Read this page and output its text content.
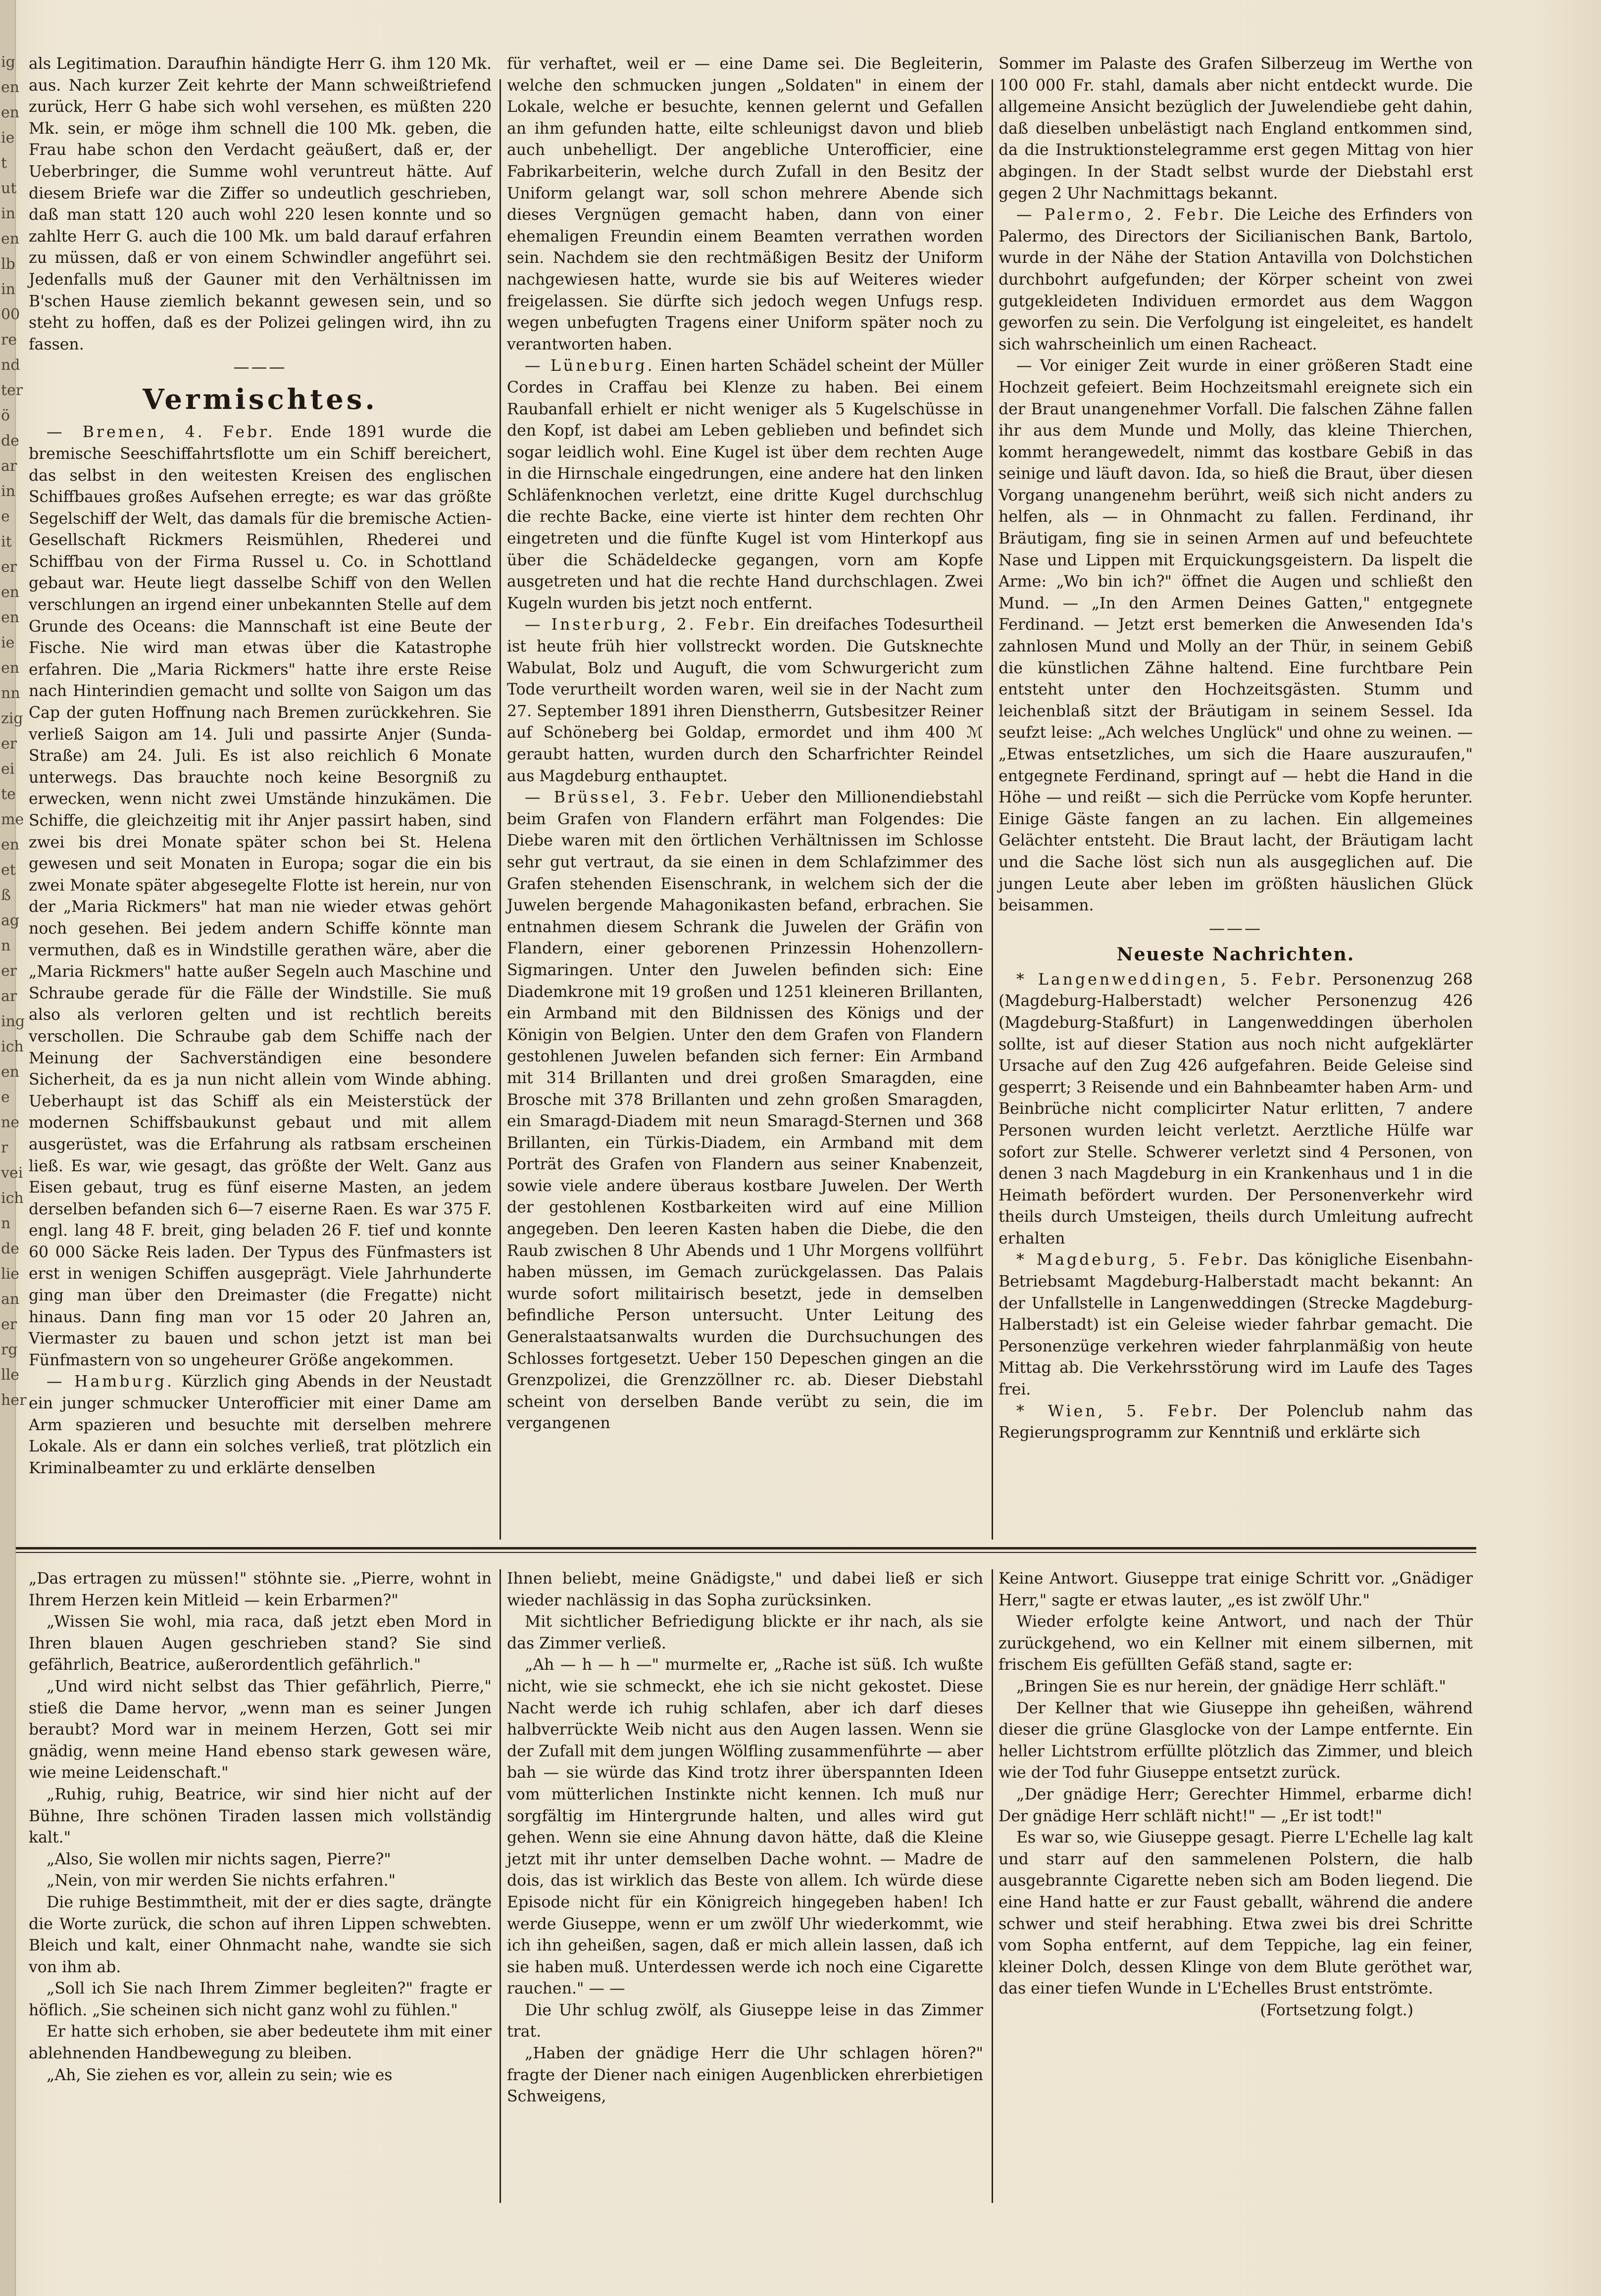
ig
en
en
ie
t
ut
in
en
lb
in
00
re
nd
ter
ö
de
ar
in
e
it
er
en
en
ie
en
nn
zig
er
ei
te
me
en
et
ß
ag
n
er
ar
ing
ich
en
e
ne
r
vei
ich
n
de
lie
an
er
rg
lle
her

als Legitimation. Daraufhin händigte Herr G. ihm 120 Mk. aus. Nach kurzer Zeit kehrte der Mann schweißtriefend zurück, Herr G habe sich wohl versehen, es müßten 220 Mk. sein, er möge ihm schnell die 100 Mk. geben, die Frau habe schon den Verdacht geäußert, daß er, der Ueberbringer, die Summe wohl veruntreut hätte. Auf diesem Briefe war die Ziffer so undeutlich geschrieben, daß man statt 120 auch wohl 220 lesen konnte und so zahlte Herr G. auch die 100 Mk. um bald darauf erfahren zu müssen, daß er von einem Schwindler angeführt sei. Jedenfalls muß der Gauner mit den Verhältnissen im B'schen Hause ziemlich bekannt gewesen sein, und so steht zu hoffen, daß es der Polizei gelingen wird, ihn zu fassen.

———
Vermischtes.

— Bremen, 4. Febr. Ende 1891 wurde die bremische Seeschiffahrtsflotte um ein Schiff bereichert, das selbst in den weitesten Kreisen des englischen Schiffbaues großes Aufsehen erregte; es war das größte Segelschiff der Welt, das damals für die bremische Actien-Gesellschaft Rickmers Reismühlen, Rhederei und Schiffbau von der Firma Russel u. Co. in Schottland gebaut war. Heute liegt dasselbe Schiff von den Wellen verschlungen an irgend einer unbekannten Stelle auf dem Grunde des Oceans: die Mannschaft ist eine Beute der Fische. Nie wird man etwas über die Katastrophe erfahren. Die „Maria Rickmers" hatte ihre erste Reise nach Hinterindien gemacht und sollte von Saigon um das Cap der guten Hoffnung nach Bremen zurückkehren. Sie verließ Saigon am 14. Juli und passirte Anjer (Sunda-Straße) am 24. Juli. Es ist also reichlich 6 Monate unterwegs. Das brauchte noch keine Besorgniß zu erwecken, wenn nicht zwei Umstände hinzukämen. Die Schiffe, die gleichzeitig mit ihr Anjer passirt haben, sind zwei bis drei Monate später schon bei St. Helena gewesen und seit Monaten in Europa; sogar die ein bis zwei Monate später abgesegelte Flotte ist herein, nur von der „Maria Rickmers" hat man nie wieder etwas gehört noch gesehen. Bei jedem andern Schiffe könnte man vermuthen, daß es in Windstille gerathen wäre, aber die „Maria Rickmers" hatte außer Segeln auch Maschine und Schraube gerade für die Fälle der Windstille. Sie muß also als verloren gelten und ist rechtlich bereits verschollen. Die Schraube gab dem Schiffe nach der Meinung der Sachverständigen eine besondere Sicherheit, da es ja nun nicht allein vom Winde abhing. Ueberhaupt ist das Schiff als ein Meisterstück der modernen Schiffsbaukunst gebaut und mit allem ausgerüstet, was die Erfahrung als ratbsam erscheinen ließ. Es war, wie gesagt, das größte der Welt. Ganz aus Eisen gebaut, trug es fünf eiserne Masten, an jedem derselben befanden sich 6—7 eiserne Raen. Es war 375 F. engl. lang 48 F. breit, ging beladen 26 F. tief und konnte 60 000 Säcke Reis laden. Der Typus des Fünfmasters ist erst in wenigen Schiffen ausgeprägt. Viele Jahrhunderte ging man über den Dreimaster (die Fregatte) nicht hinaus. Dann fing man vor 15 oder 20 Jahren an, Viermaster zu bauen und schon jetzt ist man bei Fünfmastern von so ungeheurer Größe angekommen.

— Hamburg. Kürzlich ging Abends in der Neustadt ein junger schmucker Unterofficier mit einer Dame am Arm spazieren und besuchte mit derselben mehrere Lokale. Als er dann ein solches verließ, trat plötzlich ein Kriminalbeamter zu und erklärte denselben

für verhaftet, weil er — eine Dame sei. Die Begleiterin, welche den schmucken jungen „Soldaten" in einem der Lokale, welche er besuchte, kennen gelernt und Gefallen an ihm gefunden hatte, eilte schleunigst davon und blieb auch unbehelligt. Der angebliche Unterofficier, eine Fabrikarbeiterin, welche durch Zufall in den Besitz der Uniform gelangt war, soll schon mehrere Abende sich dieses Vergnügen gemacht haben, dann von einer ehemaligen Freundin einem Beamten verrathen worden sein. Nachdem sie den rechtmäßigen Besitz der Uniform nachgewiesen hatte, wurde sie bis auf Weiteres wieder freigelassen. Sie dürfte sich jedoch wegen Unfugs resp. wegen unbefugten Tragens einer Uniform später noch zu verantworten haben.

— Lüneburg. Einen harten Schädel scheint der Müller Cordes in Craffau bei Klenze zu haben. Bei einem Raubanfall erhielt er nicht weniger als 5 Kugelschüsse in den Kopf, ist dabei am Leben geblieben und befindet sich sogar leidlich wohl. Eine Kugel ist über dem rechten Auge in die Hirnschale eingedrungen, eine andere hat den linken Schläfenknochen verletzt, eine dritte Kugel durchschlug die rechte Backe, eine vierte ist hinter dem rechten Ohr eingetreten und die fünfte Kugel ist vom Hinterkopf aus über die Schädeldecke gegangen, vorn am Kopfe ausgetreten und hat die rechte Hand durchschlagen. Zwei Kugeln wurden bis jetzt noch entfernt.

— Insterburg, 2. Febr. Ein dreifaches Todesurtheil ist heute früh hier vollstreckt worden. Die Gutsknechte Wabulat, Bolz und Auguft, die vom Schwurgericht zum Tode verurtheilt worden waren, weil sie in der Nacht zum 27. September 1891 ihren Dienstherrn, Gutsbesitzer Reiner auf Schöneberg bei Goldap, ermordet und ihm 400 ℳ geraubt hatten, wurden durch den Scharfrichter Reindel aus Magdeburg enthauptet.

— Brüssel, 3. Febr. Ueber den Millionendiebstahl beim Grafen von Flandern erfährt man Folgendes: Die Diebe waren mit den örtlichen Verhältnissen im Schlosse sehr gut vertraut, da sie einen in dem Schlafzimmer des Grafen stehenden Eisenschrank, in welchem sich der die Juwelen bergende Mahagonikasten befand, erbrachen. Sie entnahmen diesem Schrank die Juwelen der Gräfin von Flandern, einer geborenen Prinzessin Hohenzollern-Sigmaringen. Unter den Juwelen befinden sich: Eine Diademkrone mit 19 großen und 1251 kleineren Brillanten, ein Armband mit den Bildnissen des Königs und der Königin von Belgien. Unter den dem Grafen von Flandern gestohlenen Juwelen befanden sich ferner: Ein Armband mit 314 Brillanten und drei großen Smaragden, eine Brosche mit 378 Brillanten und zehn großen Smaragden, ein Smaragd-Diadem mit neun Smaragd-Sternen und 368 Brillanten, ein Türkis-Diadem, ein Armband mit dem Porträt des Grafen von Flandern aus seiner Knabenzeit, sowie viele andere überaus kostbare Juwelen. Der Werth der gestohlenen Kostbarkeiten wird auf eine Million angegeben. Den leeren Kasten haben die Diebe, die den Raub zwischen 8 Uhr Abends und 1 Uhr Morgens vollführt haben müssen, im Gemach zurückgelassen. Das Palais wurde sofort militairisch besetzt, jede in demselben befindliche Person untersucht. Unter Leitung des Generalstaatsanwalts wurden die Durchsuchungen des Schlosses fortgesetzt. Ueber 150 Depeschen gingen an die Grenzpolizei, die Grenzzöllner rc. ab. Dieser Diebstahl scheint von derselben Bande verübt zu sein, die im vergangenen

Sommer im Palaste des Grafen Silberzeug im Werthe von 100 000 Fr. stahl, damals aber nicht entdeckt wurde. Die allgemeine Ansicht bezüglich der Juwelendiebe geht dahin, daß dieselben unbelästigt nach England entkommen sind, da die Instruktionstelegramme erst gegen Mittag von hier abgingen. In der Stadt selbst wurde der Diebstahl erst gegen 2 Uhr Nachmittags bekannt.

— Palermo, 2. Febr. Die Leiche des Erfinders von Palermo, des Directors der Sicilianischen Bank, Bartolo, wurde in der Nähe der Station Antavilla von Dolchstichen durchbohrt aufgefunden; der Körper scheint von zwei gutgekleideten Individuen ermordet aus dem Waggon geworfen zu sein. Die Verfolgung ist eingeleitet, es handelt sich wahrscheinlich um einen Racheact.

— Vor einiger Zeit wurde in einer größeren Stadt eine Hochzeit gefeiert. Beim Hochzeitsmahl ereignete sich ein der Braut unangenehmer Vorfall. Die falschen Zähne fallen ihr aus dem Munde und Molly, das kleine Thierchen, kommt herangewedelt, nimmt das kostbare Gebiß in das seinige und läuft davon. Ida, so hieß die Braut, über diesen Vorgang unangenehm berührt, weiß sich nicht anders zu helfen, als — in Ohnmacht zu fallen. Ferdinand, ihr Bräutigam, fing sie in seinen Armen auf und befeuchtete Nase und Lippen mit Erquickungsgeistern. Da lispelt die Arme: „Wo bin ich?" öffnet die Augen und schließt den Mund. — „In den Armen Deines Gatten," entgegnete Ferdinand. — Jetzt erst bemerken die Anwesenden Ida's zahnlosen Mund und Molly an der Thür, in seinem Gebiß die künstlichen Zähne haltend. Eine furchtbare Pein entsteht unter den Hochzeitsgästen. Stumm und leichenblaß sitzt der Bräutigam in seinem Sessel. Ida seufzt leise: „Ach welches Unglück" und ohne zu weinen. — „Etwas entsetzliches, um sich die Haare auszuraufen," entgegnete Ferdinand, springt auf — hebt die Hand in die Höhe — und reißt — sich die Perrücke vom Kopfe herunter. Einige Gäste fangen an zu lachen. Ein allgemeines Gelächter entsteht. Die Braut lacht, der Bräutigam lacht und die Sache löst sich nun als ausgeglichen auf. Die jungen Leute aber leben im größten häuslichen Glück beisammen.

———
Neueste Nachrichten.

* Langenweddingen, 5. Febr. Personenzug 268 (Magdeburg-Halberstadt) welcher Personenzug 426 (Magdeburg-Staßfurt) in Langenweddingen überholen sollte, ist auf dieser Station aus noch nicht aufgeklärter Ursache auf den Zug 426 aufgefahren. Beide Geleise sind gesperrt; 3 Reisende und ein Bahnbeamter haben Arm- und Beinbrüche nicht complicirter Natur erlitten, 7 andere Personen wurden leicht verletzt. Aerztliche Hülfe war sofort zur Stelle. Schwerer verletzt sind 4 Personen, von denen 3 nach Magdeburg in ein Krankenhaus und 1 in die Heimath befördert wurden. Der Personenverkehr wird theils durch Umsteigen, theils durch Umleitung aufrecht erhalten

* Magdeburg, 5. Febr. Das königliche Eisenbahn-Betriebsamt Magdeburg-Halberstadt macht bekannt: An der Unfallstelle in Langenweddingen (Strecke Magdeburg-Halberstadt) ist ein Geleise wieder fahrbar gemacht. Die Personenzüge verkehren wieder fahrplanmäßig von heute Mittag ab. Die Verkehrsstörung wird im Laufe des Tages frei.

* Wien, 5. Febr. Der Polenclub nahm das Regierungsprogramm zur Kenntniß und erklärte sich

„Das ertragen zu müssen!" stöhnte sie. „Pierre, wohnt in Ihrem Herzen kein Mitleid — kein Erbarmen?"

„Wissen Sie wohl, mia raca, daß jetzt eben Mord in Ihren blauen Augen geschrieben stand? Sie sind gefährlich, Beatrice, außerordentlich gefährlich."

„Und wird nicht selbst das Thier gefährlich, Pierre," stieß die Dame hervor, „wenn man es seiner Jungen beraubt? Mord war in meinem Herzen, Gott sei mir gnädig, wenn meine Hand ebenso stark gewesen wäre, wie meine Leidenschaft."

„Ruhig, ruhig, Beatrice, wir sind hier nicht auf der Bühne, Ihre schönen Tiraden lassen mich vollständig kalt."

„Also, Sie wollen mir nichts sagen, Pierre?"

„Nein, von mir werden Sie nichts erfahren."

Die ruhige Bestimmtheit, mit der er dies sagte, drängte die Worte zurück, die schon auf ihren Lippen schwebten. Bleich und kalt, einer Ohnmacht nahe, wandte sie sich von ihm ab.

„Soll ich Sie nach Ihrem Zimmer begleiten?" fragte er höflich. „Sie scheinen sich nicht ganz wohl zu fühlen."

Er hatte sich erhoben, sie aber bedeutete ihm mit einer ablehnenden Handbewegung zu bleiben.

„Ah, Sie ziehen es vor, allein zu sein; wie es

Ihnen beliebt, meine Gnädigste," und dabei ließ er sich wieder nachlässig in das Sopha zurücksinken.

Mit sichtlicher Befriedigung blickte er ihr nach, als sie das Zimmer verließ.

„Ah — h — h —" murmelte er, „Rache ist süß. Ich wußte nicht, wie sie schmeckt, ehe ich sie nicht gekostet. Diese Nacht werde ich ruhig schlafen, aber ich darf dieses halbverrückte Weib nicht aus den Augen lassen. Wenn sie der Zufall mit dem jungen Wölfling zusammenführte — aber bah — sie würde das Kind trotz ihrer überspannten Ideen vom mütterlichen Instinkte nicht kennen. Ich muß nur sorgfältig im Hintergrunde halten, und alles wird gut gehen. Wenn sie eine Ahnung davon hätte, daß die Kleine jetzt mit ihr unter demselben Dache wohnt. — Madre de dois, das ist wirklich das Beste von allem. Ich würde diese Episode nicht für ein Königreich hingegeben haben! Ich werde Giuseppe, wenn er um zwölf Uhr wiederkommt, wie ich ihn geheißen, sagen, daß er mich allein lassen, daß ich sie haben muß. Unterdessen werde ich noch eine Cigarette rauchen." — —

Die Uhr schlug zwölf, als Giuseppe leise in das Zimmer trat.

„Haben der gnädige Herr die Uhr schlagen hören?" fragte der Diener nach einigen Augenblicken ehrerbietigen Schweigens,

Keine Antwort. Giuseppe trat einige Schritt vor. „Gnädiger Herr," sagte er etwas lauter, „es ist zwölf Uhr."

Wieder erfolgte keine Antwort, und nach der Thür zurückgehend, wo ein Kellner mit einem silbernen, mit frischem Eis gefüllten Gefäß stand, sagte er:

„Bringen Sie es nur herein, der gnädige Herr schläft."

Der Kellner that wie Giuseppe ihn geheißen, während dieser die grüne Glasglocke von der Lampe entfernte. Ein heller Lichtstrom erfüllte plötzlich das Zimmer, und bleich wie der Tod fuhr Giuseppe entsetzt zurück.

„Der gnädige Herr; Gerechter Himmel, erbarme dich! Der gnädige Herr schläft nicht!" — „Er ist todt!"

Es war so, wie Giuseppe gesagt. Pierre L'Echelle lag kalt und starr auf den sammelenen Polstern, die halb ausgebrannte Cigarette neben sich am Boden liegend. Die eine Hand hatte er zur Faust geballt, während die andere schwer und steif herabhing. Etwa zwei bis drei Schritte vom Sopha entfernt, auf dem Teppiche, lag ein feiner, kleiner Dolch, dessen Klinge von dem Blute geröthet war, das einer tiefen Wunde in L'Echelles Brust entströmte.

(Fortsetzung folgt.)
